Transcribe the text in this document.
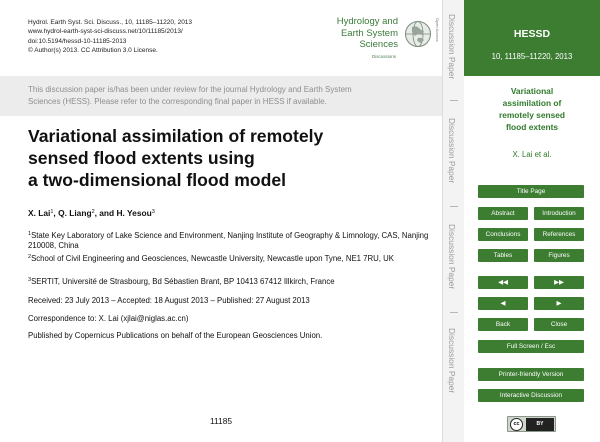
Hydrol. Earth Syst. Sci. Discuss., 10, 11185–11220, 2013
www.hydrol-earth-syst-sci-discuss.net/10/11185/2013/
doi:10.5194/hessd-10-11185-2013
© Author(s) 2013. CC Attribution 3.0 License.
Hydrology and
Earth System
Sciences
Discussions
Open Access
This discussion paper is/has been under review for the journal Hydrology and Earth System
Sciences (HESS). Please refer to the corresponding final paper in HESS if available.
Variational assimilation of remotely
sensed flood extents using
a two-dimensional flood model
X. Lai$^1$, Q. Liang$^2$, and H. Yesou$^3$
$^1$State Key Laboratory of Lake Science and Environment, Nanjing Institute of Geography & Limnology, CAS, Nanjing 210008, China
$^2$School of Civil Engineering and Geosciences, Newcastle University, Newcastle upon Tyne, NE1 7RU, UK
$^3$SERTIT, Université de Strasbourg, Bd Sébastien Brant, BP 10413 67412 Illkirch, France
Received: 23 July 2013 – Accepted: 18 August 2013 – Published: 27 August 2013
Correspondence to: X. Lai (xjlai@niglas.ac.cn)
Published by Copernicus Publications on behalf of the European Geosciences Union.
11185
Discussion Paper
Discussion Paper
Discussion Paper
Discussion Paper
HESSD
10, 11185–11220, 2013
Variational
assimilation of
remotely sensed
flood extents
X. Lai et al.
Title Page
Abstract	Introduction
Conclusions	References
Tables	Figures
◀◀	▶▶
◀	▶
Back	Close
Full Screen / Esc
Printer-friendly Version
Interactive Discussion
cc	BY
